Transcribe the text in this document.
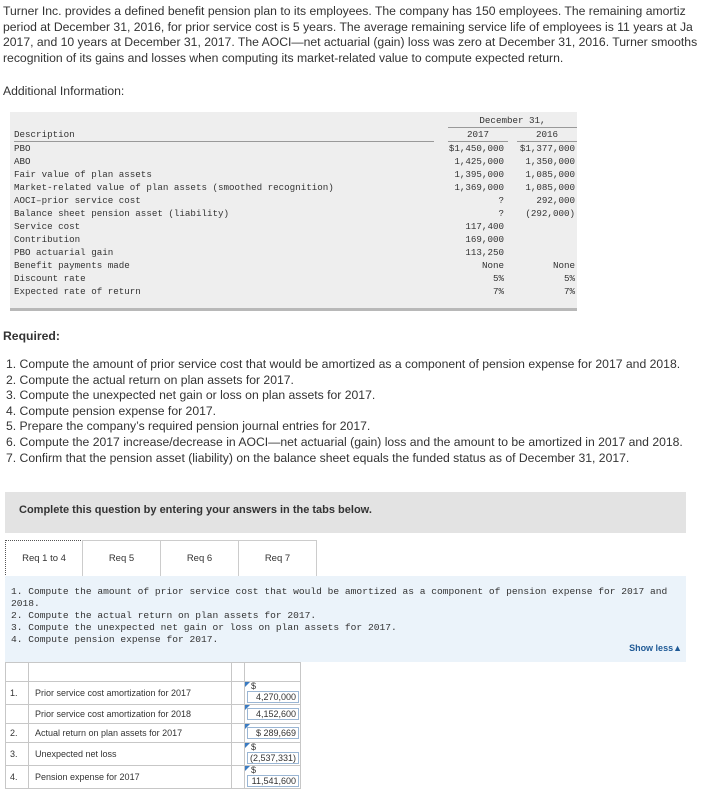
Turner Inc. provides a defined benefit pension plan to its employees. The company has 150 employees. The remaining amortiz
period at December 31, 2016, for prior service cost is 5 years. The average remaining service life of employees is 11 years at Ja
2017, and 10 years at December 31, 2017. The AOCI—net actuarial (gain) loss was zero at December 31, 2016. Turner smooths
recognition of its gains and losses when computing its market-related value to compute expected return.
Additional Information:
December 31,
Description	2017	2016
PBO	$1,450,000 $1,377,000
ABO	1,425,000 1,350,000
Fair value of plan assets	1,395,000 1,085,000
Market-related value of plan assets (smoothed recognition)	1,369,000 1,085,000
AOCI–prior service cost	?	292,000
Balance sheet pension asset (liability)	? (292,000)
Service cost	117,400
Contribution	169,000
PBO actuarial gain	113,250
Benefit payments made	None	None
Discount rate	5%	5%
Expected rate of return	7%	7%
Required:
1. Compute the amount of prior service cost that would be amortized as a component of pension expense for 2017 and 2018.
2. Compute the actual return on plan assets for 2017.
3. Compute the unexpected net gain or loss on plan assets for 2017.
4. Compute pension expense for 2017.
5. Prepare the company’s required pension journal entries for 2017.
6. Compute the 2017 increase/decrease in AOCI—net actuarial (gain) loss and the amount to be amortized in 2017 and 2018.
7. Confirm that the pension asset (liability) on the balance sheet equals the funded status as of December 31, 2017.
Complete this question by entering your answers in the tabs below.
Req 1 to 4	Req 5	Req 6	Req 7
1. Compute the amount of prior service cost that would be amortized as a component of pension expense for 2017 and 2018.
2. Compute the actual return on plan assets for 2017.
3. Compute the unexpected net gain or loss on plan assets for 2017.
4. Compute pension expense for 2017.
Show less▲

1.	Prior service cost amortization for 2017		$
4,270,000

	Prior service cost amortization for 2018		4,152,600

2.	Actual return on plan assets for 2017		$ 289,669

3.	Unexpected net loss		$
(2,537,331)

4.	Pension expense for 2017		$
11,541,600
